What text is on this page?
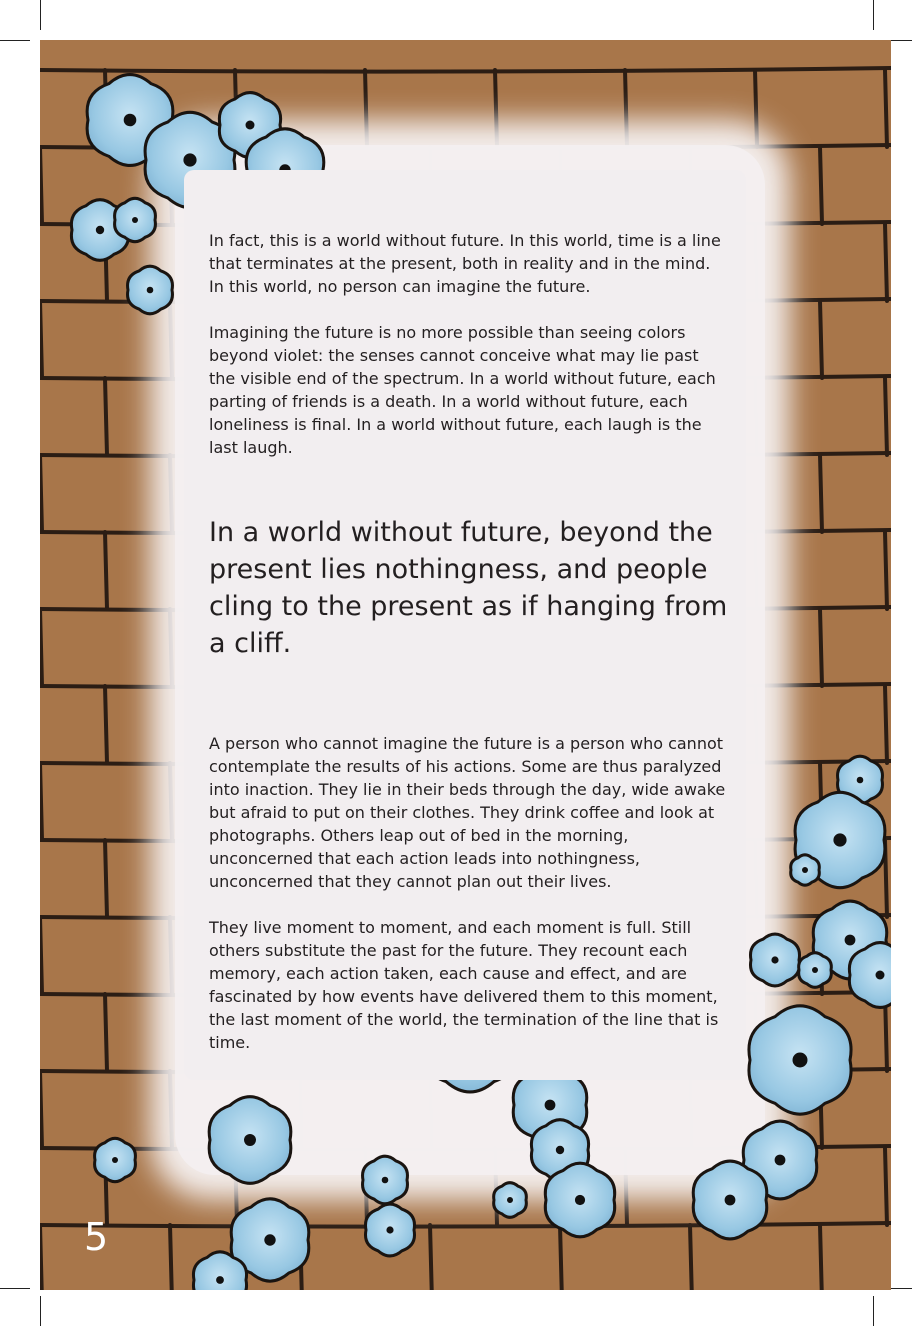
In fact, this is a world without future. In this world, time is a line that terminates at the present, both in reality and in the mind. In this world, no person can imagine the future.

Imagining the future is no more possible than seeing colors beyond violet: the senses cannot conceive what may lie past the visible end of the spectrum. In a world without future, each parting of friends is a death. In a world without future, each loneliness is final. In a world without future, each laugh is the last laugh.

In a world without future, beyond the present lies nothingness, and people cling to the present as if hanging from a cliff.

A person who cannot imagine the future is a person who cannot contemplate the results of his actions. Some are thus paralyzed into inaction. They lie in their beds through the day, wide awake but afraid to put on their clothes. They drink coffee and look at photographs. Others leap out of bed in the morning, unconcerned that each action leads into nothingness, unconcerned that they cannot plan out their lives.

They live moment to moment, and each moment is full. Still others substitute the past for the future. They recount each memory, each action taken, each cause and effect, and are fascinated by how events have delivered them to this moment, the last moment of the world, the termination of the line that is time.

5
